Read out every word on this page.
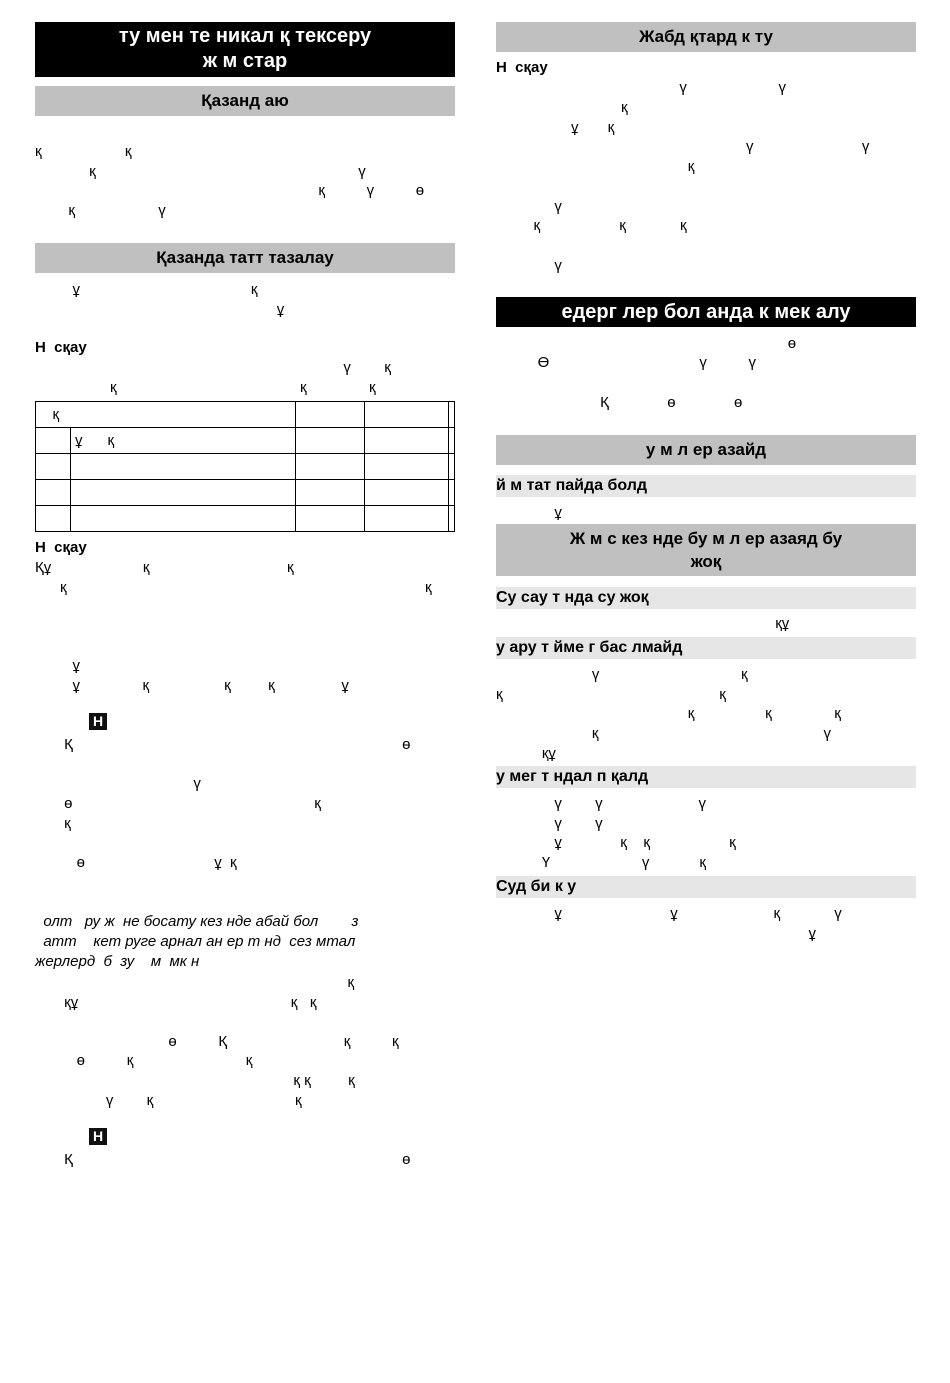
ту мен те никал қ тексеру
ж м стар
Қазанд аю
қ                    қ
қ                                                               ү
қ          ү          ө
қ                    ү
Қазанда татт тазалау
ұ                                         қ
ұ
Н  сқау
ү        қ
қ                                            қ               қ
қ				
	ұ      қ			

Н  сқау
Құ                      қ                                 қ
қ                                                                                      қ
ұ
ұ               қ                  қ         қ                ұ
Н
Қ                                                                               ө
ү
ө                                                          қ
қ
ө                               ұ  қ
олт   ру ж  не босату кез нде абай бол        з
атт    кет руге арнал ан ер т нд  сез мтал
жерлерд  б  зу    м  мк н
қ
құ                                                   қ   қ
ө          Қ                            қ          қ
ө          қ                           қ
қ қ         қ
ү        қ                                  қ
Н
Қ                                                                               ө
Жабд қтард к ту
Н  сқау
ү                      ү
қ
ұ       қ
ү                          ү
қ
ү
қ                   қ             қ
ү
едерг лер бол анда к мек алу
ө
Ө                                    ү          ү
Қ              ө              ө
у м л ер азайд
й м тат пайда болд
ұ
Ж м с кез нде бу м л ер азаяд бу
жоқ
Су сау т нда су жоқ
құ
у ару т йме г бас лмайд
ү                                  қ
қ                                                    қ
қ                 қ               қ
қ                                                      ү
құ
у мег т ндал п қалд
ү        ү                       ү
ү        ү
ұ              қ    қ                   қ
Ү                      ү            қ
Суд би к у
ұ                          ұ                       қ             ү
ұ
